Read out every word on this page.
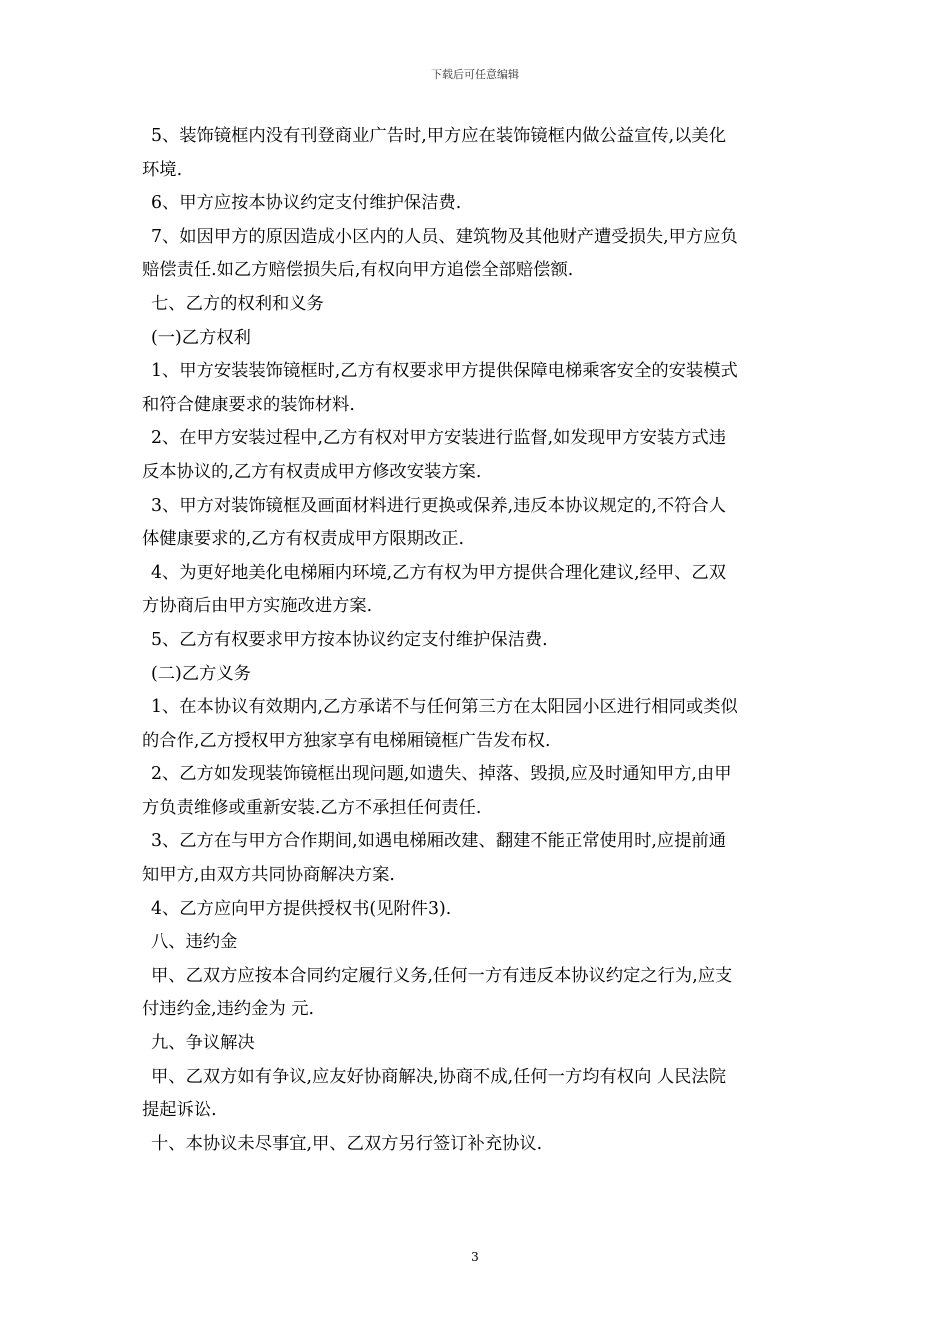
下载后可任意编辑
5、装饰镜框内没有刊登商业广告时,甲方应在装饰镜框内做公益宣传,以美化
环境.
6、甲方应按本协议约定支付维护保洁费.
7、如因甲方的原因造成小区内的人员、建筑物及其他财产遭受损失,甲方应负
赔偿责任.如乙方赔偿损失后,有权向甲方追偿全部赔偿额.
七、乙方的权利和义务
(一)乙方权利
1、甲方安装装饰镜框时,乙方有权要求甲方提供保障电梯乘客安全的安装模式
和符合健康要求的装饰材料.
2、在甲方安装过程中,乙方有权对甲方安装进行监督,如发现甲方安装方式违
反本协议的,乙方有权责成甲方修改安装方案.
3、甲方对装饰镜框及画面材料进行更换或保养,违反本协议规定的,不符合人
体健康要求的,乙方有权责成甲方限期改正.
4、为更好地美化电梯厢内环境,乙方有权为甲方提供合理化建议,经甲、乙双
方协商后由甲方实施改进方案.
5、乙方有权要求甲方按本协议约定支付维护保洁费.
(二)乙方义务
1、在本协议有效期内,乙方承诺不与任何第三方在太阳园小区进行相同或类似
的合作,乙方授权甲方独家享有电梯厢镜框广告发布权.
2、乙方如发现装饰镜框出现问题,如遗失、掉落、毁损,应及时通知甲方,由甲
方负责维修或重新安装.乙方不承担任何责任.
3、乙方在与甲方合作期间,如遇电梯厢改建、翻建不能正常使用时,应提前通
知甲方,由双方共同协商解决方案.
4、乙方应向甲方提供授权书(见附件3).
八、违约金
甲、乙双方应按本合同约定履行义务,任何一方有违反本协议约定之行为,应支
付违约金,违约金为 元.
九、争议解决
甲、乙双方如有争议,应友好协商解决,协商不成,任何一方均有权向 人民法院
提起诉讼.
十、本协议未尽事宜,甲、乙双方另行签订补充协议.
3
